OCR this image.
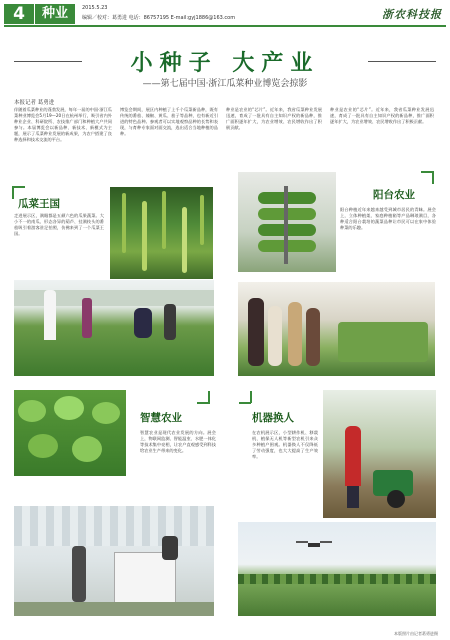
4	种业	2015.5.23
编辑／校对：葛勇进 电话：86757195 E-mail:gyj1886@163.com	浙农科技报
小种子 大产业
——第七届中国·浙江瓜菜种业博览会掠影
本报记者 葛勇进
伴随着瓜菜种业的蓬勃发展，每年一届的中国·浙江瓜菜种业博览会5月19—20日在杭州举行，吸引省内外种业企业、科研院所、农技推广部门和种植大户共同参与。本届博览会以新品种、新技术、新模式为主题，展示了瓜菜种业发展的新成果，为农户搭建了良种选择和技术交流的平台。
博览会期间，展区内种植了上千个瓜菜新品种，既有传统的番茄、辣椒、黄瓜、茄子等品种，也有新近引进的特色品种。参观者可以实地观察品种的长势和表现，与育种专家面对面交流，选出适合当地种植的品种。
种业是农业的“芯片”。近年来，我省瓜菜种业发展迅速，育成了一批具有自主知识产权的新品种，推广面积逐年扩大，为农业增效、农民增收作出了积极贡献。
种业是农业的“芯片”。近年来，我省瓜菜种业发展迅速，育成了一批具有自主知识产权的新品种，推广面积逐年扩大，为农业增效、农民增收作出了积极贡献。
瓜菜王国
走进展示区，满眼都是五颜六色的瓜果蔬菜。大小不一的南瓜、形态各异的葫芦、挂满枝头的番茄吸引着游客驻足拍照，仿佛来到了一个瓜菜王国。
阳台农业
阳台种植近年来越来越受到城市居民的青睐。展会上，立体种植架、家庭种植箱等产品琳琅满目，各种适合阳台栽培的蔬菜品种让市民可以在家中体验种菜的乐趣。
智慧农业
智慧农业是现代农业发展的方向。展会上，物联网监测、智能温室、水肥一体化等技术集中亮相，让农户直观感受到科技给农业生产带来的变化。
机器换人
在农机展示区，小型耕作机、移栽机、植保无人机等新型农机引来众多种植户围观。机器换人不仅降低了劳动强度，也大大提高了生产效率。
本版照片由记者葛勇进摄
